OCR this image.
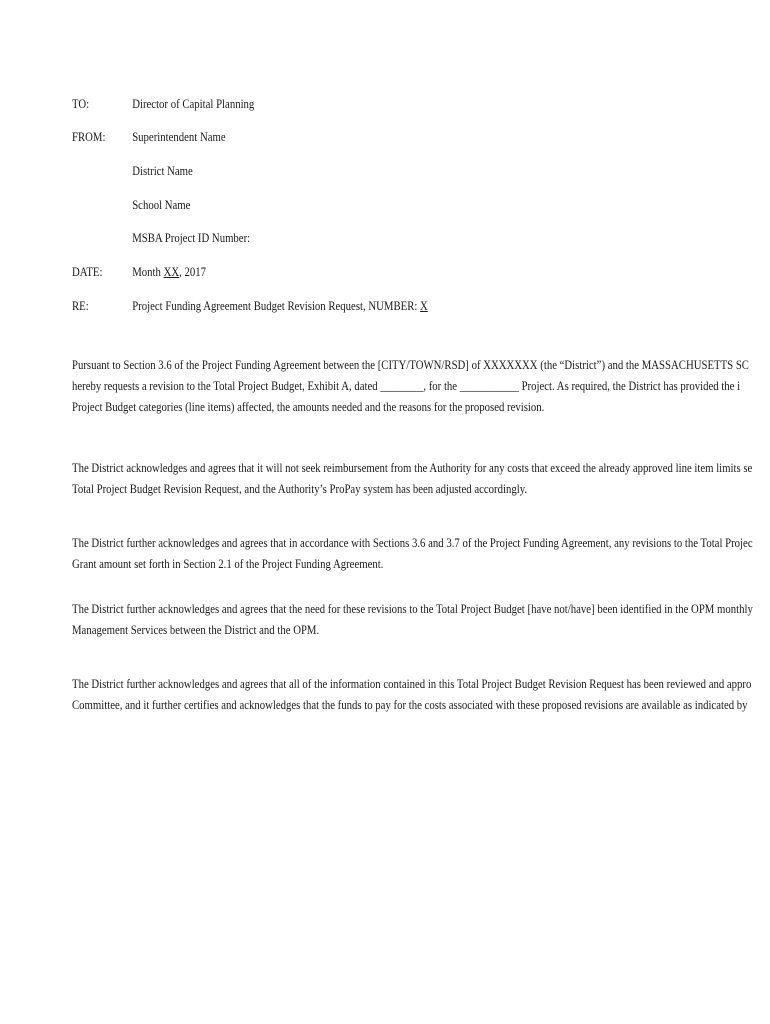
TO:	Director of Capital Planning
FROM: Superintendent Name
District Name
School Name
MSBA Project ID Number:
DATE: Month XX, 2017
RE:	Project Funding Agreement Budget Revision Request, NUMBER: X
Pursuant to Section 3.6 of the Project Funding Agreement between the [CITY/TOWN/RSD] of XXXXXXX (the “District”) and the MASSACHUSETTS SC
hereby requests a revision to the Total Project Budget, Exhibit A, dated ________, for the ___________ Project. As required, the District has provided the i
Project Budget categories (line items) affected, the amounts needed and the reasons for the proposed revision.
The District acknowledges and agrees that it will not seek reimbursement from the Authority for any costs that exceed the already approved line item limits se
Total Project Budget Revision Request, and the Authority’s ProPay system has been adjusted accordingly.
The District further acknowledges and agrees that in accordance with Sections 3.6 and 3.7 of the Project Funding Agreement, any revisions to the Total Projec
Grant amount set forth in Section 2.1 of the Project Funding Agreement.
The District further acknowledges and agrees that the need for these revisions to the Total Project Budget [have not/have] been identified in the OPM monthly
Management Services between the District and the OPM.
The District further acknowledges and agrees that all of the information contained in this Total Project Budget Revision Request has been reviewed and appro
Committee, and it further certifies and acknowledges that the funds to pay for the costs associated with these proposed revisions are available as indicated by
